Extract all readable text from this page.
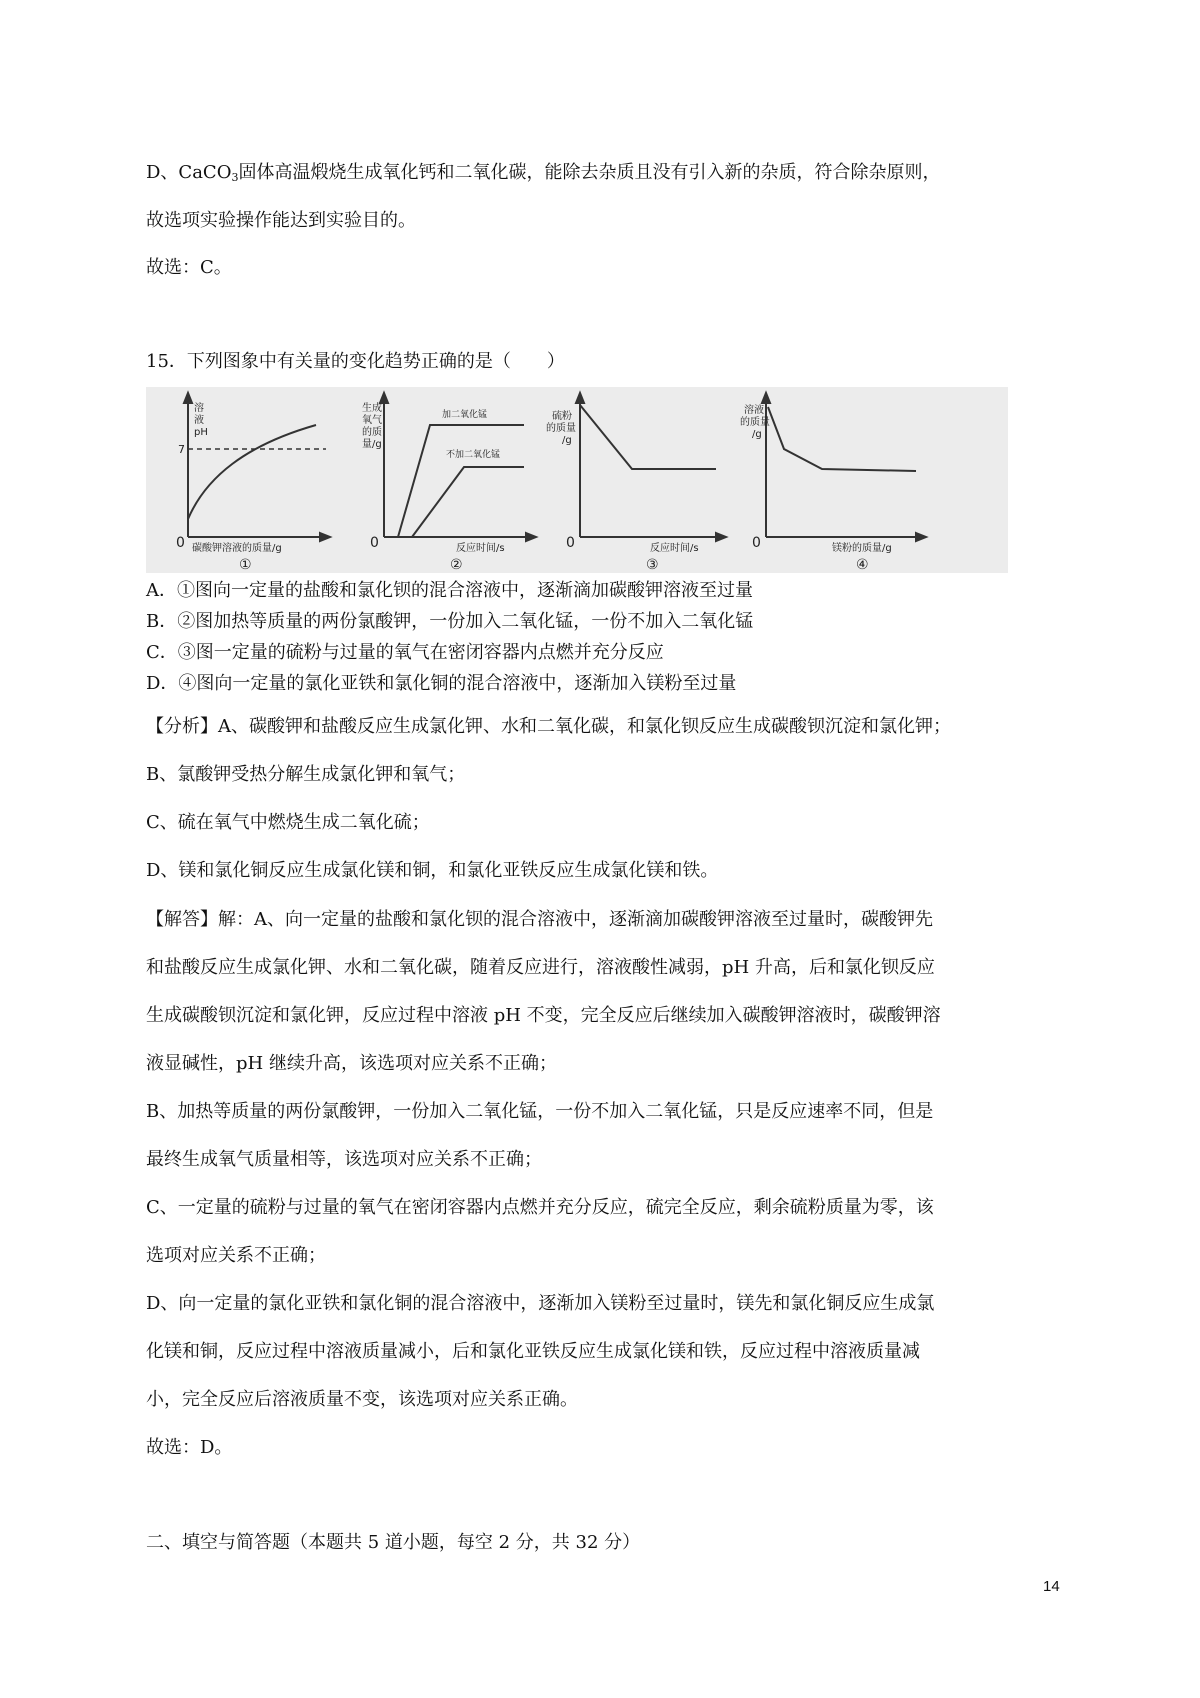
D、CaCO$_3$固体高温煅烧生成氧化钙和二氧化碳，能除去杂质且没有引入新的杂质，符合除杂原则，
故选项实验操作能达到实验目的。
故选：C。
15．下列图象中有关量的变化趋势正确的是（　　）
溶
液
pH
7
0 碳酸钾溶液的质量/g
①
生成
氧气
的质
量/g
加二氧化锰
不加二氧化锰
0	反应时间/s
②
硫粉
的质量
/g
0	反应时间/s
③
溶液
的质量
/g
0	镁粉的质量/g
④
A．①图向一定量的盐酸和氯化钡的混合溶液中，逐渐滴加碳酸钾溶液至过量
B．②图加热等质量的两份氯酸钾，一份加入二氧化锰，一份不加入二氧化锰
C．③图一定量的硫粉与过量的氧气在密闭容器内点燃并充分反应
D．④图向一定量的氯化亚铁和氯化铜的混合溶液中，逐渐加入镁粉至过量
【分析】A、碳酸钾和盐酸反应生成氯化钾、水和二氧化碳，和氯化钡反应生成碳酸钡沉淀和氯化钾；
B、氯酸钾受热分解生成氯化钾和氧气；
C、硫在氧气中燃烧生成二氧化硫；
D、镁和氯化铜反应生成氯化镁和铜，和氯化亚铁反应生成氯化镁和铁。
【解答】解：A、向一定量的盐酸和氯化钡的混合溶液中，逐渐滴加碳酸钾溶液至过量时，碳酸钾先
和盐酸反应生成氯化钾、水和二氧化碳，随着反应进行，溶液酸性减弱，pH 升高，后和氯化钡反应
生成碳酸钡沉淀和氯化钾，反应过程中溶液 pH 不变，完全反应后继续加入碳酸钾溶液时，碳酸钾溶
液显碱性，pH 继续升高，该选项对应关系不正确；
B、加热等质量的两份氯酸钾，一份加入二氧化锰，一份不加入二氧化锰，只是反应速率不同，但是
最终生成氧气质量相等，该选项对应关系不正确；
C、一定量的硫粉与过量的氧气在密闭容器内点燃并充分反应，硫完全反应，剩余硫粉质量为零，该
选项对应关系不正确；
D、向一定量的氯化亚铁和氯化铜的混合溶液中，逐渐加入镁粉至过量时，镁先和氯化铜反应生成氯
化镁和铜，反应过程中溶液质量减小，后和氯化亚铁反应生成氯化镁和铁，反应过程中溶液质量减
小，完全反应后溶液质量不变，该选项对应关系正确。
故选：D。
二、填空与简答题（本题共 5 道小题，每空 2 分，共 32 分）
14
